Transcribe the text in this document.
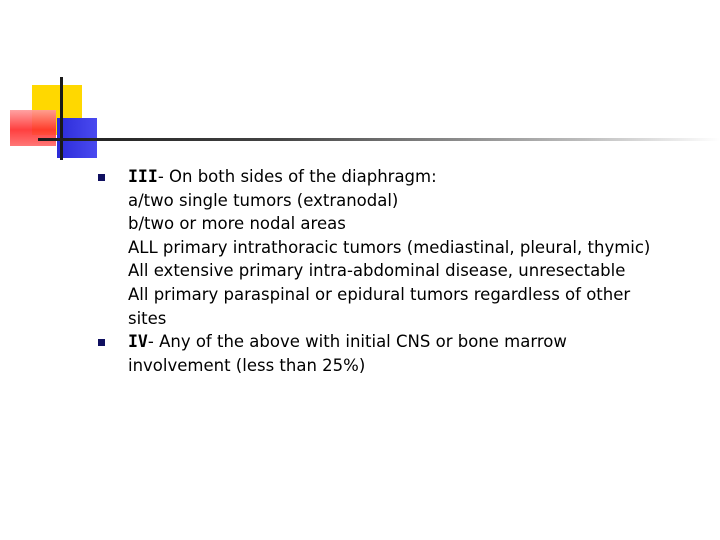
III- On both sides of the diaphragm:
a/two single tumors (extranodal)
b/two or more nodal areas
ALL primary intrathoracic tumors (mediastinal, pleural, thymic)
All extensive primary intra-abdominal disease, unresectable
All primary paraspinal or epidural tumors regardless of other
sites
IV- Any of the above with initial CNS or bone marrow
involvement (less than 25%)
